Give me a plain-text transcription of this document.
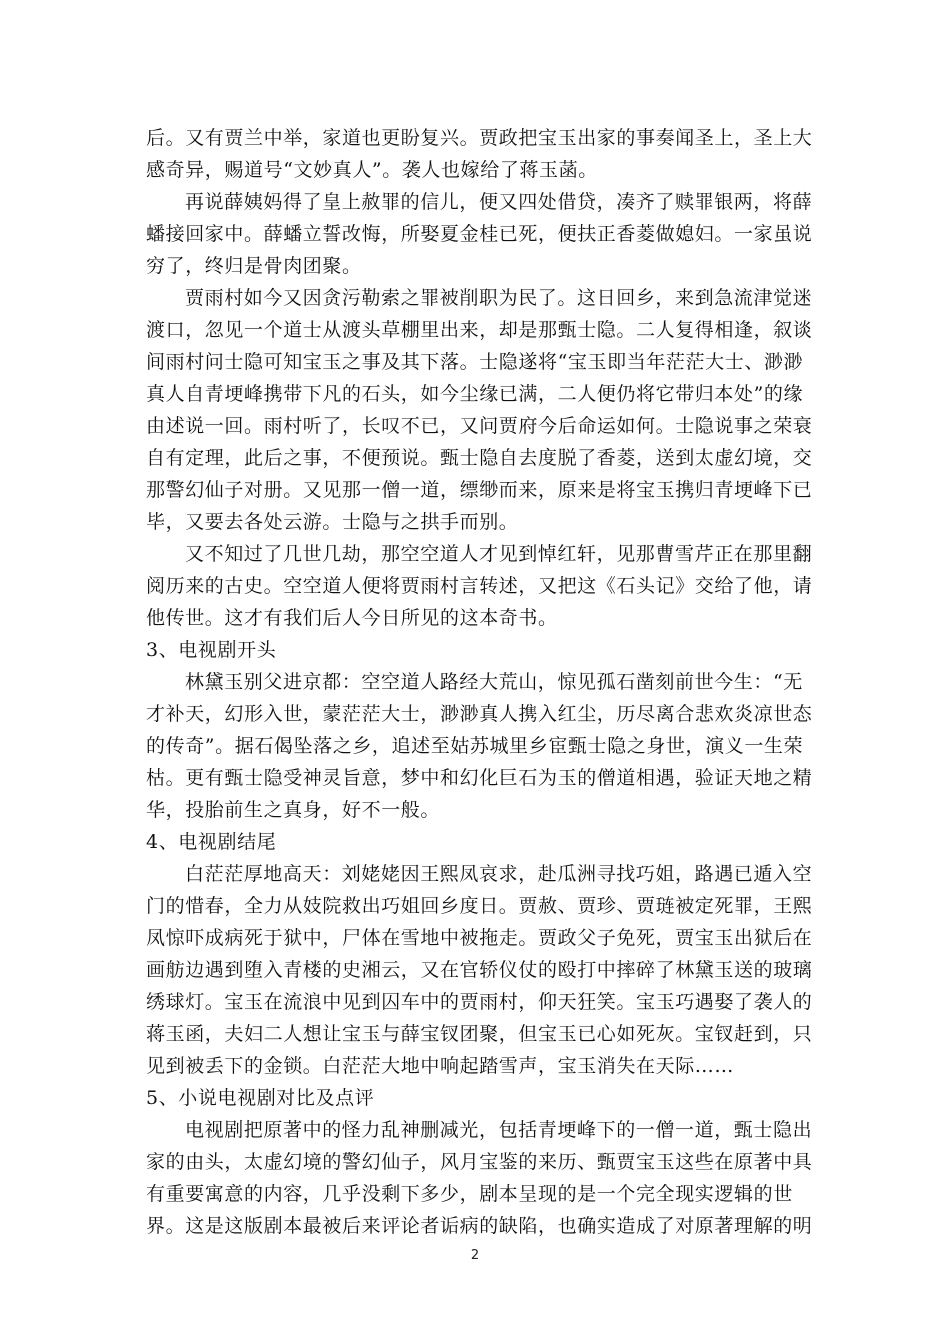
后。又有贾兰中举，家道也更盼复兴。贾政把宝玉出家的事奏闻圣上，圣上大
感奇异，赐道号“文妙真人”。袭人也嫁给了蒋玉菡。
再说薛姨妈得了皇上赦罪的信儿，便又四处借贷，凑齐了赎罪银两，将薛
蟠接回家中。薛蟠立誓改悔，所娶夏金桂已死，便扶正香菱做媳妇。一家虽说
穷了，终归是骨肉团聚。
贾雨村如今又因贪污勒索之罪被削职为民了。这日回乡，来到急流津觉迷
渡口，忽见一个道士从渡头草棚里出来，却是那甄士隐。二人复得相逢，叙谈
间雨村问士隐可知宝玉之事及其下落。士隐遂将“宝玉即当年茫茫大士、渺渺
真人自青埂峰携带下凡的石头，如今尘缘已满，二人便仍将它带归本处”的缘
由述说一回。雨村听了，长叹不已，又问贾府今后命运如何。士隐说事之荣衰
自有定理，此后之事，不便预说。甄士隐自去度脱了香菱，送到太虚幻境，交
那警幻仙子对册。又见那一僧一道，缥缈而来，原来是将宝玉携归青埂峰下已
毕，又要去各处云游。士隐与之拱手而别。
又不知过了几世几劫，那空空道人才见到悼红轩，见那曹雪芹正在那里翻
阅历来的古史。空空道人便将贾雨村言转述，又把这《石头记》交给了他，请
他传世。这才有我们后人今日所见的这本奇书。
3、电视剧开头
林黛玉别父进京都：空空道人路经大荒山，惊见孤石凿刻前世今生：“无
才补天，幻形入世，蒙茫茫大士，渺渺真人携入红尘，历尽离合悲欢炎凉世态
的传奇”。据石偈坠落之乡，追述至姑苏城里乡宦甄士隐之身世，演义一生荣
枯。更有甄士隐受神灵旨意，梦中和幻化巨石为玉的僧道相遇，验证天地之精
华，投胎前生之真身，好不一般。
4、电视剧结尾
白茫茫厚地高天：刘姥姥因王熙凤哀求，赴瓜洲寻找巧姐，路遇已遁入空
门的惜春，全力从妓院救出巧姐回乡度日。贾赦、贾珍、贾琏被定死罪，王熙
凤惊吓成病死于狱中，尸体在雪地中被拖走。贾政父子免死，贾宝玉出狱后在
画舫边遇到堕入青楼的史湘云，又在官轿仪仗的殴打中摔碎了林黛玉送的玻璃
绣球灯。宝玉在流浪中见到囚车中的贾雨村，仰天狂笑。宝玉巧遇娶了袭人的
蒋玉函，夫妇二人想让宝玉与薛宝钗团聚，但宝玉已心如死灰。宝钗赶到，只
见到被丢下的金锁。白茫茫大地中响起踏雪声，宝玉消失在天际……
5、小说电视剧对比及点评
电视剧把原著中的怪力乱神删减光，包括青埂峰下的一僧一道，甄士隐出
家的由头，太虚幻境的警幻仙子，风月宝鉴的来历、甄贾宝玉这些在原著中具
有重要寓意的内容，几乎没剩下多少，剧本呈现的是一个完全现实逻辑的世
界。这是这版剧本最被后来评论者诟病的缺陷，也确实造成了对原著理解的明
2
